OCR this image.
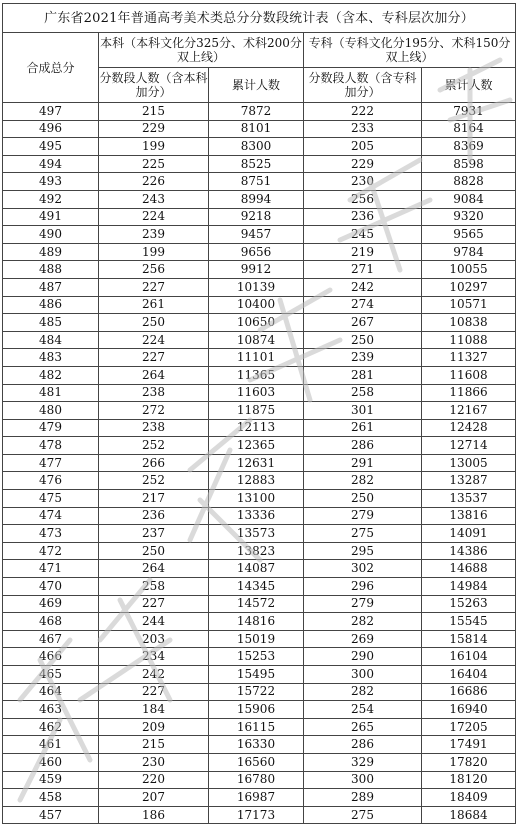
广东省2021年普通高考美术类总分分数段统计表（含本、专科层次加分）				
合成总分	本科（本科文化分325分、术科200分双上线）		专科（专科文化分195分、术科150分双上线）	
	分数段人数（含本科加分）	累计人数	分数段人数（含专科加分）	累计人数
497	215	7872	222	7931
496	229	8101	233	8164
495	199	8300	205	8369
494	225	8525	229	8598
493	226	8751	230	8828
492	243	8994	256	9084
491	224	9218	236	9320
490	239	9457	245	9565
489	199	9656	219	9784
488	256	9912	271	10055
487	227	10139	242	10297
486	261	10400	274	10571
485	250	10650	267	10838
484	224	10874	250	11088
483	227	11101	239	11327
482	264	11365	281	11608
481	238	11603	258	11866
480	272	11875	301	12167
479	238	12113	261	12428
478	252	12365	286	12714
477	266	12631	291	13005
476	252	12883	282	13287
475	217	13100	250	13537
474	236	13336	279	13816
473	237	13573	275	14091
472	250	13823	295	14386
471	264	14087	302	14688
470	258	14345	296	14984
469	227	14572	279	15263
468	244	14816	282	15545
467	203	15019	269	15814
466	234	15253	290	16104
465	242	15495	300	16404
464	227	15722	282	16686
463	184	15906	254	16940
462	209	16115	265	17205
461	215	16330	286	17491
460	230	16560	329	17820
459	220	16780	300	18120
458	207	16987	289	18409
457	186	17173	275	18684
